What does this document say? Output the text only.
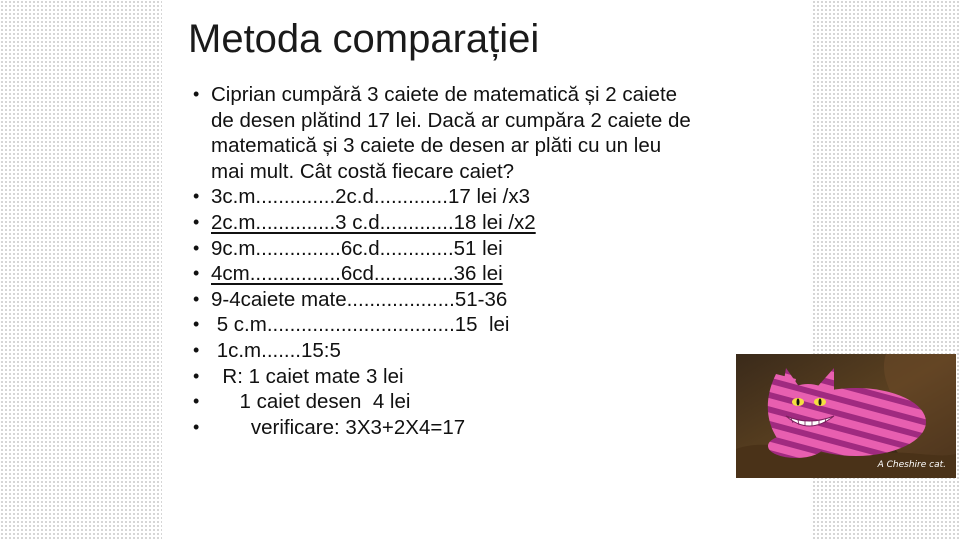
Metoda comparației
• Ciprian cumpără 3 caiete de matematică și 2 caiete
de desen plătind 17 lei. Dacă ar cumpăra 2 caiete de
matematică și 3 caiete de desen ar plăti cu un leu
mai mult. Cât costă fiecare caiet?
• 3c.m..............2c.d.............17 lei /x3
• 2c.m..............3 c.d.............18 lei /x2
• 9c.m...............6c.d.............51 lei
• 4cm................6cd..............36 lei
• 9-4caiete mate...................51-36
•  5 c.m.................................15  lei
•  1c.m.......15:5
•   R: 1 caiet mate 3 lei
•      1 caiet desen  4 lei
•        verificare: 3X3+2X4=17
A Cheshire cat.
